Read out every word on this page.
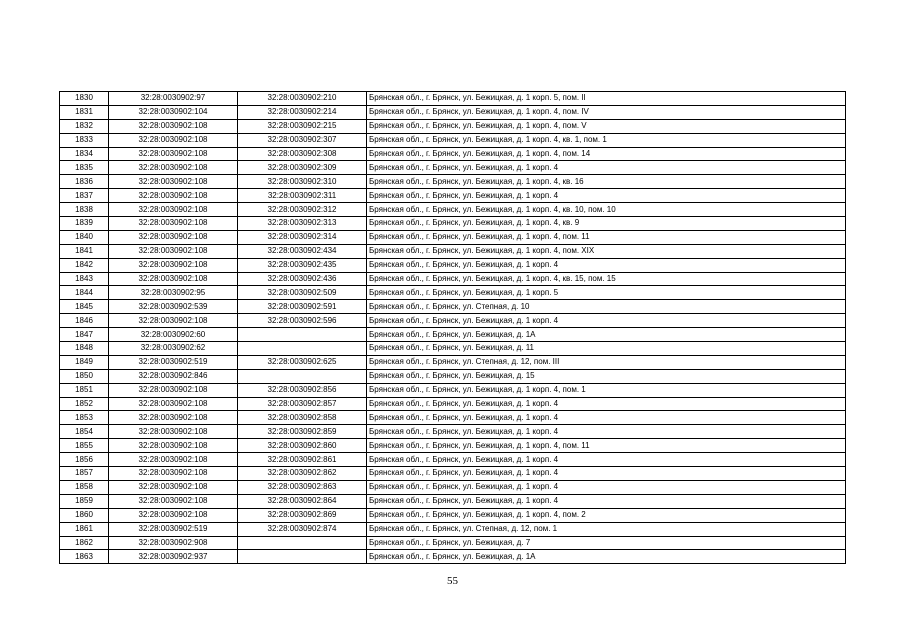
1830	32:28:0030902:97	32:28:0030902:210	Брянская обл., г. Брянск, ул. Бежицкая, д. 1 корп. 5, пом. II
1831	32:28:0030902:104	32:28:0030902:214	Брянская обл., г. Брянск, ул. Бежицкая, д. 1 корп. 4, пом. IV
1832	32:28:0030902:108	32:28:0030902:215	Брянская обл., г. Брянск, ул. Бежицкая, д. 1 корп. 4, пом. V
1833	32:28:0030902:108	32:28:0030902:307	Брянская обл., г. Брянск, ул. Бежицкая, д. 1 корп. 4, кв. 1, пом. 1
1834	32:28:0030902:108	32:28:0030902:308	Брянская обл., г. Брянск, ул. Бежицкая, д. 1 корп. 4, пом. 14
1835	32:28:0030902:108	32:28:0030902:309	Брянская обл., г. Брянск, ул. Бежицкая, д. 1 корп. 4
1836	32:28:0030902:108	32:28:0030902:310	Брянская обл., г. Брянск, ул. Бежицкая, д. 1 корп. 4, кв. 16
1837	32:28:0030902:108	32:28:0030902:311	Брянская обл., г. Брянск, ул. Бежицкая, д. 1 корп. 4
1838	32:28:0030902:108	32:28:0030902:312	Брянская обл., г. Брянск, ул. Бежицкая, д. 1 корп. 4, кв. 10, пом. 10
1839	32:28:0030902:108	32:28:0030902:313	Брянская обл., г. Брянск, ул. Бежицкая, д. 1 корп. 4, кв. 9
1840	32:28:0030902:108	32:28:0030902:314	Брянская обл., г. Брянск, ул. Бежицкая, д. 1 корп. 4, пом. 11
1841	32:28:0030902:108	32:28:0030902:434	Брянская обл., г. Брянск, ул. Бежицкая, д. 1 корп. 4, пом. XIX
1842	32:28:0030902:108	32:28:0030902:435	Брянская обл., г. Брянск, ул. Бежицкая, д. 1 корп. 4
1843	32:28:0030902:108	32:28:0030902:436	Брянская обл., г. Брянск, ул. Бежицкая, д. 1 корп. 4, кв. 15, пом. 15
1844	32:28:0030902:95	32:28:0030902:509	Брянская обл., г. Брянск, ул. Бежицкая, д. 1 корп. 5
1845	32:28:0030902:539	32:28:0030902:591	Брянская обл., г. Брянск, ул. Степная, д. 10
1846	32:28:0030902:108	32:28:0030902:596	Брянская обл., г. Брянск, ул. Бежицкая, д. 1 корп. 4
1847	32:28:0030902:60		Брянская обл., г. Брянск, ул. Бежицкая, д. 1А
1848	32:28:0030902:62		Брянская обл., г. Брянск, ул. Бежицкая, д. 11
1849	32:28:0030902:519	32:28:0030902:625	Брянская обл., г. Брянск, ул. Степная, д. 12, пом. III
1850	32:28:0030902:846		Брянская обл., г. Брянск, ул. Бежицкая, д. 15
1851	32:28:0030902:108	32:28:0030902:856	Брянская обл., г. Брянск, ул. Бежицкая, д. 1 корп. 4, пом. 1
1852	32:28:0030902:108	32:28:0030902:857	Брянская обл., г. Брянск, ул. Бежицкая, д. 1 корп. 4
1853	32:28:0030902:108	32:28:0030902:858	Брянская обл., г. Брянск, ул. Бежицкая, д. 1 корп. 4
1854	32:28:0030902:108	32:28:0030902:859	Брянская обл., г. Брянск, ул. Бежицкая, д. 1 корп. 4
1855	32:28:0030902:108	32:28:0030902:860	Брянская обл., г. Брянск, ул. Бежицкая, д. 1 корп. 4, пом. 11
1856	32:28:0030902:108	32:28:0030902:861	Брянская обл., г. Брянск, ул. Бежицкая, д. 1 корп. 4
1857	32:28:0030902:108	32:28:0030902:862	Брянская обл., г. Брянск, ул. Бежицкая, д. 1 корп. 4
1858	32:28:0030902:108	32:28:0030902:863	Брянская обл., г. Брянск, ул. Бежицкая, д. 1 корп. 4
1859	32:28:0030902:108	32:28:0030902:864	Брянская обл., г. Брянск, ул. Бежицкая, д. 1 корп. 4
1860	32:28:0030902:108	32:28:0030902:869	Брянская обл., г. Брянск, ул. Бежицкая, д. 1 корп. 4, пом. 2
1861	32:28:0030902:519	32:28:0030902:874	Брянская обл., г. Брянск, ул. Степная, д. 12, пом. 1
1862	32:28:0030902:908		Брянская обл., г. Брянск, ул. Бежицкая, д. 7
1863	32:28:0030902:937		Брянская обл., г. Брянск, ул. Бежицкая, д. 1А
55
